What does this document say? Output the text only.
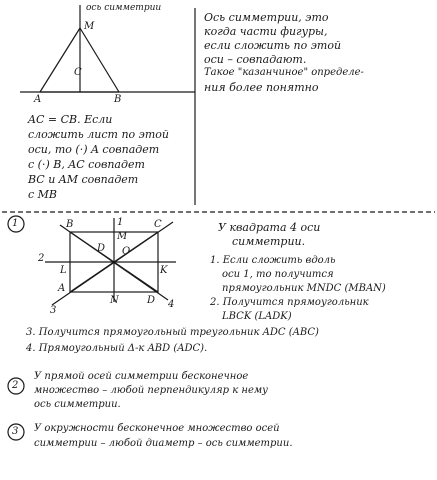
ось симметрии
M
C
A	B
AC = CB. Если
сложить лист по этой
оси, то (·) A совпадет
с (·) B, AC совпадет
BC и AM совпадет
с MB
Ось симметрии, это
когда части фигуры,
если сложить по этой
оси – совпадают.
Такое "казанчиное" определе-
ния более понятно
1	1
M
B	C
D O
2
L	K
A
N	D
3
4
У квадрата 4 оси
симметрии.
1. Если сложить вдоль
оси 1, то получится
прямоугольник MNDC (MBAN)
2. Получится прямоугольник
LBCK (LADK)
3. Получится прямоугольный треугольник ADC (ABC)
4. Прямоугольный Δ-к ABD (ADC).
2
У прямой осей симметрии бесконечное
множество – любой перпендикуляр к нему
ось симметрии.
3 У окружности бесконечное множество осей
симметрии – любой диаметр – ось симметрии.
